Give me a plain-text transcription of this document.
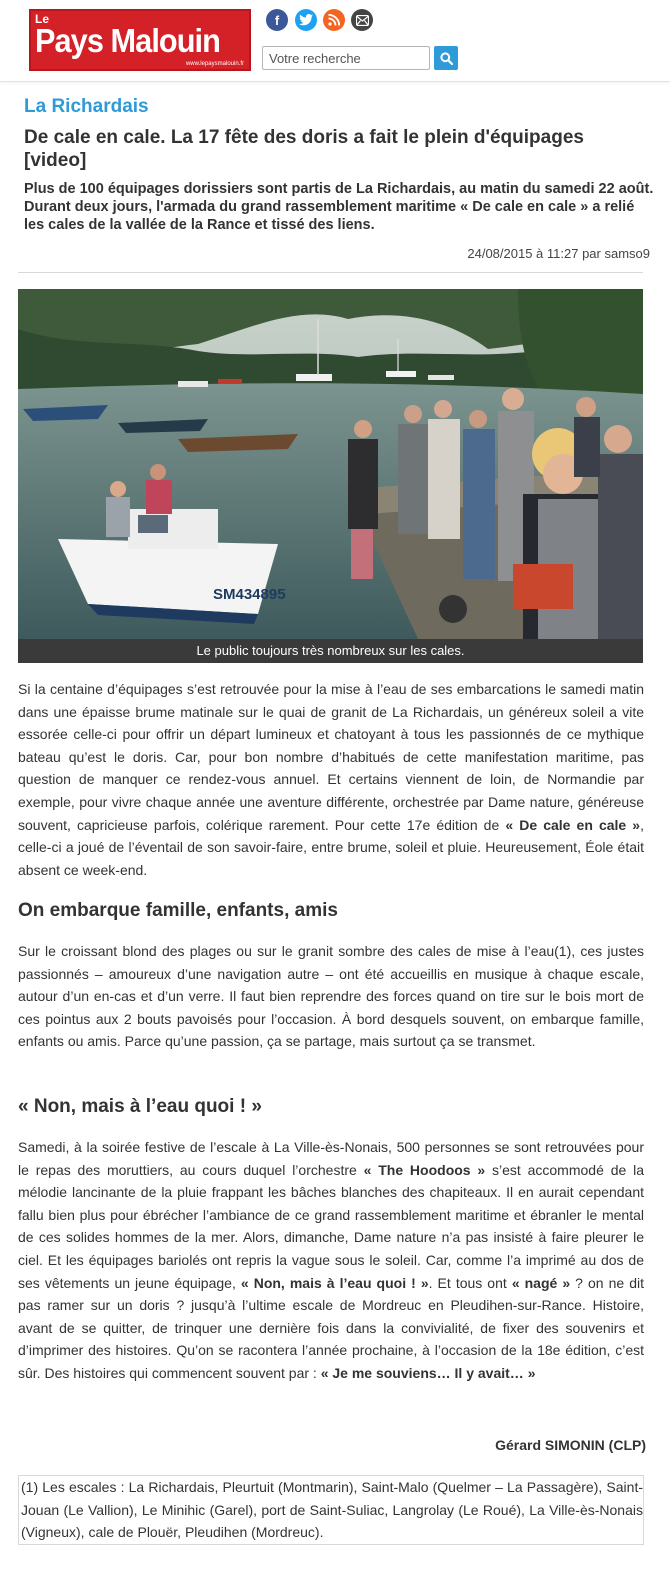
Le
Pays Malouin
www.lepaysmalouin.fr
f
Votre recherche
La Richardais
De cale en cale. La 17 fête des doris a fait le plein d'équipages [video]

Plus de 100 équipages dorissiers sont partis de La Richardais, au matin du samedi 22 août. Durant deux jours, l'armada du grand rassemblement maritime « De cale en cale » a relié les cales de la vallée de la Rance et tissé des liens.

24/08/2015 à 11:27 par samso9
SM434895
Le public toujours très nombreux sur les cales.

Si la centaine d’équipages s’est retrouvée pour la mise à l’eau de ses embarcations le samedi matin dans une épaisse brume matinale sur le quai de granit de La Richardais, un généreux soleil a vite essorée celle-ci pour offrir un départ lumineux et chatoyant à tous les passionnés de ce mythique bateau qu’est le doris. Car, pour bon nombre d’habitués de cette manifestation maritime, pas question de manquer ce rendez-vous annuel. Et certains viennent de loin, de Normandie par exemple, pour vivre chaque année une aventure différente, orchestrée par Dame nature, généreuse souvent, capricieuse parfois, colérique rarement. Pour cette 17e édition de « De cale en cale », celle-ci a joué de l’éventail de son savoir-faire, entre brume, soleil et pluie. Heureusement, Éole était absent ce week-end.

On embarque famille, enfants, amis

Sur le croissant blond des plages ou sur le granit sombre des cales de mise à l’eau(1), ces justes passionnés – amoureux d’une navigation autre – ont été accueillis en musique à chaque escale, autour d’un en-cas et d’un verre. Il faut bien reprendre des forces quand on tire sur le bois mort de ces pointus aux 2 bouts pavoisés pour l’occasion. À bord desquels souvent, on embarque famille, enfants ou amis. Parce qu’une passion, ça se partage, mais surtout ça se transmet.

« Non, mais à l’eau quoi ! »

Samedi, à la soirée festive de l’escale à La Ville-ès-Nonais, 500 personnes se sont retrouvées pour le repas des moruttiers, au cours duquel l’orchestre « The Hoodoos » s’est accommodé de la mélodie lancinante de la pluie frappant les bâches blanches des chapiteaux. Il en aurait cependant fallu bien plus pour ébrécher l’ambiance de ce grand rassemblement maritime et ébranler le mental de ces solides hommes de la mer. Alors, dimanche, Dame nature n’a pas insisté à faire pleurer le ciel. Et les équipages bariolés ont repris la vague sous le soleil. Car, comme l’a imprimé au dos de ses vêtements un jeune équipage, « Non, mais à l’eau quoi ! ». Et tous ont « nagé » ? on ne dit pas ramer sur un doris ? jusqu’à l’ultime escale de Mordreuc en Pleudihen-sur-Rance. Histoire, avant de se quitter, de trinquer une dernière fois dans la convivialité, de fixer des souvenirs et d’imprimer des histoires. Qu’on se racontera l’année prochaine, à l’occasion de la 18e édition, c’est sûr. Des histoires qui commencent souvent par : « Je me souviens… Il y avait… »

Gérard SIMONIN (CLP)
(1) Les escales : La Richardais, Pleurtuit (Montmarin), Saint-Malo (Quelmer – La Passagère), Saint-Jouan (Le Vallion), Le Minihic (Garel), port de Saint-Suliac, Langrolay (Le Roué), La Ville-ès-Nonais (Vigneux), cale de Plouër, Pleudihen (Mordreuc).
